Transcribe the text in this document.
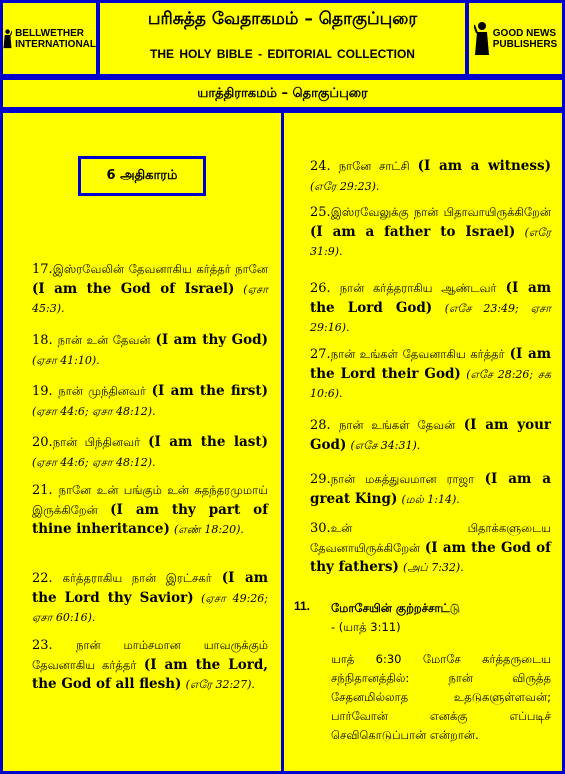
BELLWETHER
INTERNATIONAL
பரிசுத்த வேதாகமம் – தொகுப்புரை
THE HOLY BIBLE - EDITORIAL COLLECTION
GOOD NEWS
PUBLISHERS
யாத்திராகமம் – தொகுப்புரை
6 அதிகாரம்
17.இஸ்ரவேலின் தேவனாகிய கர்த்தர் நானே (I am the God of Israel) (ஏசா 45:3).
18. நான் உன் தேவன் (I am thy God) (ஏசா 41:10).
19. நான் முந்தினவர் (I am the first) (ஏசா 44:6; ஏசா 48:12).
20.நான் பிந்தினவர் (I am the last) (ஏசா 44:6; ஏசா 48:12).
21. நானே உன் பங்கும் உன் சுதந்தரமுமாய் இருக்கிறேன் (I am thy part of thine inheritance) (எண் 18:20).
22. கர்த்தராகிய நான் இரட்சகர் (I am the Lord thy Savior) (ஏசா 49:26; ஏசா 60:16).
23. நான் மாம்சமான யாவருக்கும் தேவனாகிய கர்த்தர் (I am the Lord, the God of all flesh) (எரே 32:27).
24. நானே சாட்சி (I am a witness) (எரே 29:23).
25.இஸ்ரவேலுக்கு நான் பிதாவாயிருக்கிறேன் (I am a father to Israel) (எரே 31:9).
26. நான் கர்த்தராகிய ஆண்டவர் (I am the Lord God) (எசே 23:49; ஏசா 29:16).
27.நான் உங்கள் தேவனாகிய கர்த்தர் (I am the Lord their God) (எசே 28:26; சக 10:6).
28. நான் உங்கள் தேவன் (I am your God) (எசே 34:31).
29.நான் மகத்துவமான ராஜா (I am a great King) (மல் 1:14).
30.உன் பிதாக்களுடைய தேவனாயிருக்கிறேன் (I am the God of thy fathers) (அப் 7:32).
11. மோசேயின் குற்றச்சாட்டு
- (யாத் 3:11)
யாத் 6:30 மோசே கர்த்தருடைய சந்நிதானத்தில்: நான் விருத்த சேதனமில்லாத உதடுகளுள்ளவன்; பார்வோன் எனக்கு எப்படிச் செவிகொடுப்பான் என்றான்.
